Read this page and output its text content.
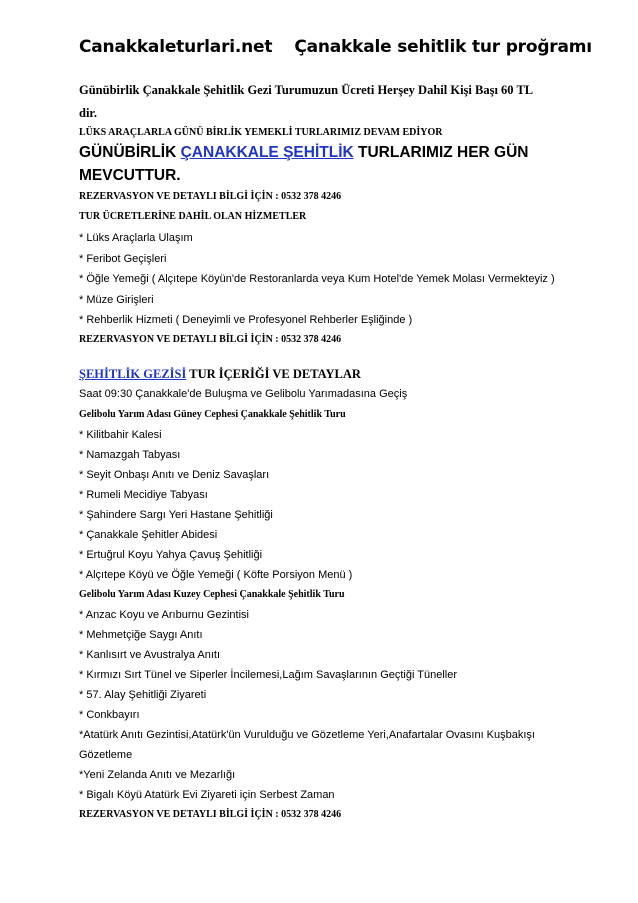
Canakkaleturlari.net Çanakkale sehitlik tur proğramı
Günübirlik Çanakkale Şehitlik Gezi Turumuzun Ücreti Herşey Dahil Kişi Başı 60 TL
dir.
LÜKS ARAÇLARLA GÜNÜ BİRLİK YEMEKLİ TURLARIMIZ DEVAM EDİYOR
GÜNÜBİRLİK ÇANAKKALE ŞEHİTLİK TURLARIMIZ HER GÜN
MEVCUTTUR.
REZERVASYON VE DETAYLI BİLGİ İÇİN : 0532 378 4246
TUR ÜCRETLERİNE DAHİL OLAN HİZMETLER
* Lüks Araçlarla Ulaşım
* Feribot Geçişleri
* Öğle Yemeği ( Alçıtepe Köyün'de Restoranlarda veya Kum Hotel'de Yemek Molası Vermekteyiz )
* Müze Girişleri
* Rehberlik Hizmeti ( Deneyimli ve Profesyonel Rehberler Eşliğinde )
REZERVASYON VE DETAYLI BİLGİ İÇİN : 0532 378 4246
ŞEHİTLİK GEZİSİ TUR İÇERİĞİ VE DETAYLAR
Saat 09:30 Çanakkale'de Buluşma ve Gelibolu Yarımadasına Geçiş
Gelibolu Yarım Adası Güney Cephesi Çanakkale Şehitlik Turu
* Kilitbahir Kalesi
* Namazgah Tabyası
* Seyit Onbaşı Anıtı ve Deniz Savaşları
* Rumeli Mecidiye Tabyası
* Şahindere Sargı Yeri Hastane Şehitliği
* Çanakkale Şehitler Abidesi
* Ertuğrul Koyu Yahya Çavuş Şehitliği
* Alçıtepe Köyü ve Öğle Yemeği ( Köfte Porsiyon Menü )
Gelibolu Yarım Adası Kuzey Cephesi Çanakkale Şehitlik Turu
* Anzac Koyu ve Arıburnu Gezintisi
* Mehmetçiğe Saygı Anıtı
* Kanlısırt ve Avustralya Anıtı
* Kırmızı Sırt Tünel ve Siperler İncilemesi,Lağım Savaşlarının Geçtiği Tüneller
* 57. Alay Şehitliği Ziyareti
* Conkbayırı
*Atatürk Anıtı Gezintisi,Atatürk'ün Vurulduğu ve Gözetleme Yeri,Anafartalar Ovasını Kuşbakışı
Gözetleme
*Yeni Zelanda Anıtı ve Mezarlığı
* Bigalı Köyü Atatürk Evi Ziyareti için Serbest Zaman
REZERVASYON VE DETAYLI BİLGİ İÇİN : 0532 378 4246
